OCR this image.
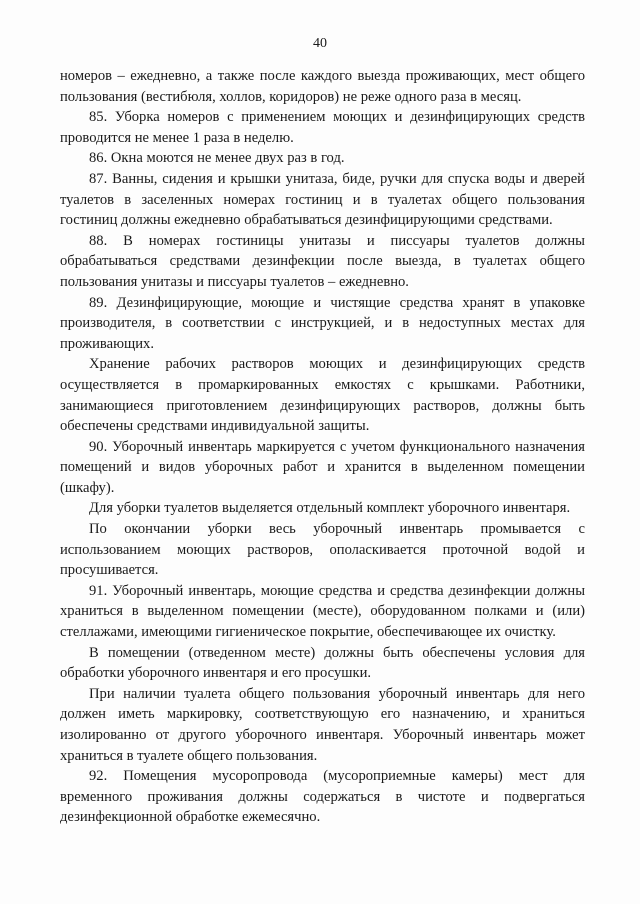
40

номеров – ежедневно, а также после каждого выезда проживающих, мест общего пользования (вестибюля, холлов, коридоров) не реже одного раза в месяц.

85. Уборка номеров с применением моющих и дезинфицирующих средств проводится не менее 1 раза в неделю.

86. Окна моются не менее двух раз в год.

87. Ванны, сидения и крышки унитаза, биде, ручки для спуска воды и дверей туалетов в заселенных номерах гостиниц и в туалетах общего пользования гостиниц должны ежедневно обрабатываться дезинфицирующими средствами.

88. В номерах гостиницы унитазы и писсуары туалетов должны обрабатываться средствами дезинфекции после выезда, в туалетах общего пользования унитазы и писсуары туалетов – ежедневно.

89. Дезинфицирующие, моющие и чистящие средства хранят в упаковке производителя, в соответствии с инструкцией, и в недоступных местах для проживающих.

Хранение рабочих растворов моющих и дезинфицирующих средств осуществляется в промаркированных емкостях с крышками. Работники, занимающиеся приготовлением дезинфицирующих растворов, должны быть обеспечены средствами индивидуальной защиты.

90. Уборочный инвентарь маркируется с учетом функционального назначения помещений и видов уборочных работ и хранится в выделенном помещении (шкафу).

Для уборки туалетов выделяется отдельный комплект уборочного инвентаря.

По окончании уборки весь уборочный инвентарь промывается с использованием моющих растворов, ополаскивается проточной водой и просушивается.

91. Уборочный инвентарь, моющие средства и средства дезинфекции должны храниться в выделенном помещении (месте), оборудованном полками и (или) стеллажами, имеющими гигиеническое покрытие, обеспечивающее их очистку.

В помещении (отведенном месте) должны быть обеспечены условия для обработки уборочного инвентаря и его просушки.

При наличии туалета общего пользования уборочный инвентарь для него должен иметь маркировку, соответствующую его назначению, и храниться изолированно от другого уборочного инвентаря. Уборочный инвентарь может храниться в туалете общего пользования.

92. Помещения мусоропровода (мусороприемные камеры) мест для временного проживания должны содержаться в чистоте и подвергаться дезинфекционной обработке ежемесячно.
